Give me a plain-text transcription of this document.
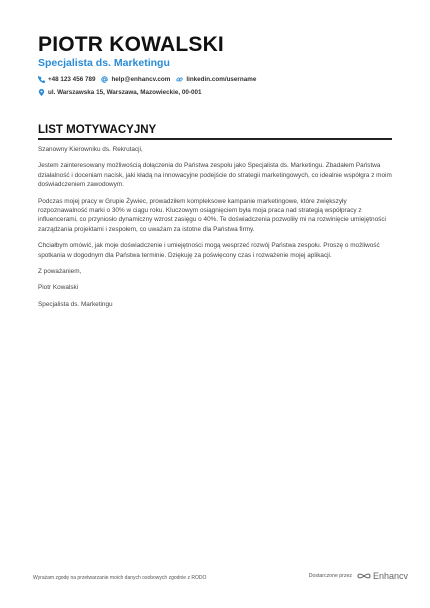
PIOTR KOWALSKI
Specjalista ds. Marketingu
+48 123 456 789	help@enhancv.com	linkedin.com/username
ul. Warszawska 15, Warszawa, Mazowieckie, 00-001
LIST MOTYWACYJNY

Szanowny Kierowniku ds. Rekrutacji,

Jestem zainteresowany możliwością dołączenia do Państwa zespołu jako Specjalista ds. Marketingu. Zbadałem Państwa działalność i doceniam nacisk, jaki kładą na innowacyjne podejście do strategii marketingowych, co idealnie współgra z moim doświadczeniem zawodowym.

Podczas mojej pracy w Grupie Żywiec, prowadziłem kompleksowe kampanie marketingowe, które zwiększyły rozpoznawalność marki o 30% w ciągu roku. Kluczowym osiągnięciem była moja praca nad strategią współpracy z influencerami, co przyniosło dynamiczny wzrost zasięgu o 40%. Te doświadczenia pozwoliły mi na rozwinięcie umiejętności zarządzania projektami i zespołem, co uważam za istotne dla Państwa firmy.

Chciałbym omówić, jak moje doświadczenie i umiejętności mogą wesprzeć rozwój Państwa zespołu. Proszę o możliwość spotkania w dogodnym dla Państwa terminie. Dziękuję za poświęcony czas i rozważenie mojej aplikacji.

Z poważaniem,

Piotr Kowalski

Specjalista ds. Marketingu

Wyrażam zgodę na przetwarzanie moich danych osobowych zgodnie z RODO	Dostarczone przez Enhancv
